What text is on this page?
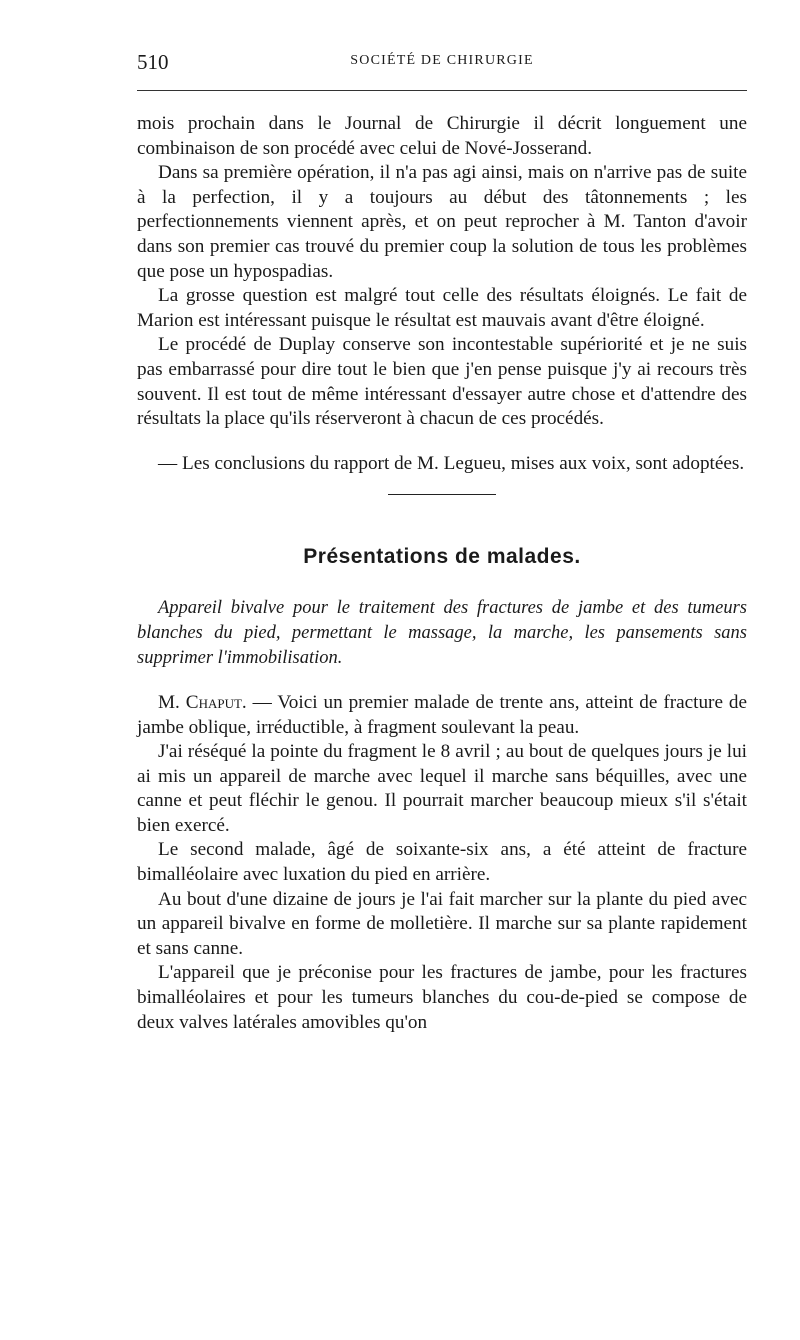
510	SOCIÉTÉ DE CHIRURGIE

mois prochain dans le Journal de Chirurgie il décrit longuement une combinaison de son procédé avec celui de Nové-Josserand.

Dans sa première opération, il n'a pas agi ainsi, mais on n'arrive pas de suite à la perfection, il y a toujours au début des tâtonnements ; les perfectionnements viennent après, et on peut reprocher à M. Tanton d'avoir dans son premier cas trouvé du premier coup la solution de tous les problèmes que pose un hypospadias.

La grosse question est malgré tout celle des résultats éloignés. Le fait de Marion est intéressant puisque le résultat est mauvais avant d'être éloigné.

Le procédé de Duplay conserve son incontestable supériorité et je ne suis pas embarrassé pour dire tout le bien que j'en pense puisque j'y ai recours très souvent. Il est tout de même intéressant d'essayer autre chose et d'attendre des résultats la place qu'ils réserveront à chacun de ces procédés.

— Les conclusions du rapport de M. Legueu, mises aux voix, sont adoptées.

Présentations de malades.

Appareil bivalve pour le traitement des fractures de jambe et des tumeurs blanches du pied, permettant le massage, la marche, les pansements sans supprimer l'immobilisation.

M. Chaput. — Voici un premier malade de trente ans, atteint de fracture de jambe oblique, irréductible, à fragment soulevant la peau.

J'ai réséqué la pointe du fragment le 8 avril ; au bout de quelques jours je lui ai mis un appareil de marche avec lequel il marche sans béquilles, avec une canne et peut fléchir le genou. Il pourrait marcher beaucoup mieux s'il s'était bien exercé.

Le second malade, âgé de soixante-six ans, a été atteint de fracture bimalléolaire avec luxation du pied en arrière.

Au bout d'une dizaine de jours je l'ai fait marcher sur la plante du pied avec un appareil bivalve en forme de molletière. Il marche sur sa plante rapidement et sans canne.

L'appareil que je préconise pour les fractures de jambe, pour les fractures bimalléolaires et pour les tumeurs blanches du cou-de-pied se compose de deux valves latérales amovibles qu'on
